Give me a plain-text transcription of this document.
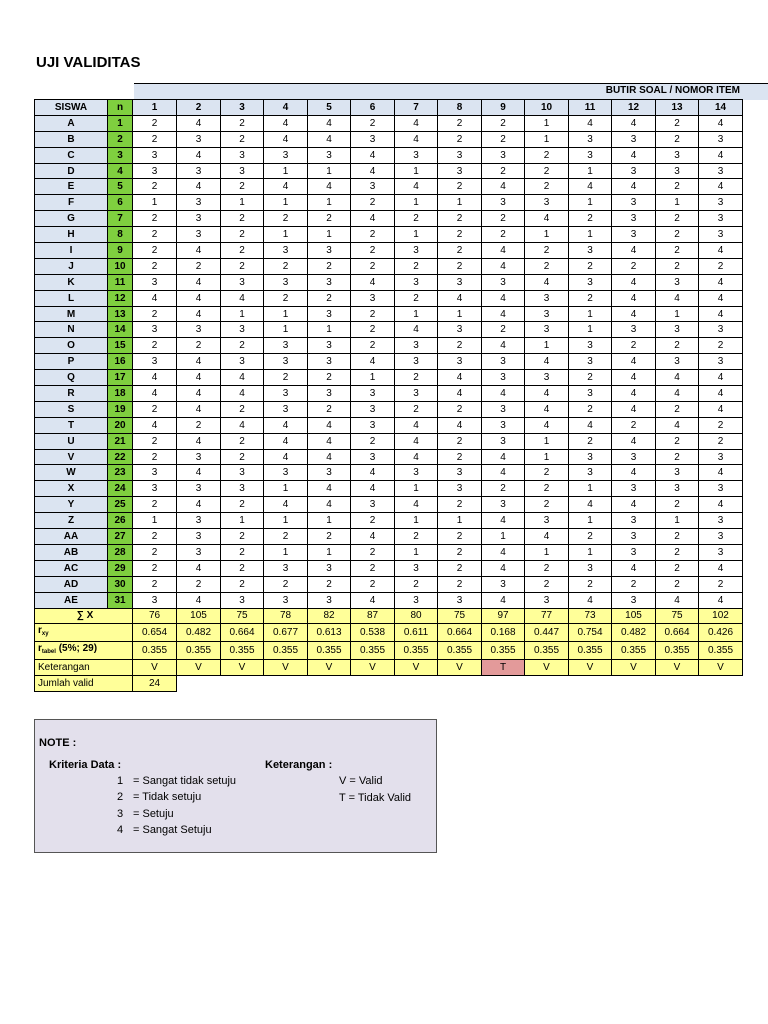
UJI VALIDITAS
BUTIR SOAL / NOMOR ITEM
SISWA	n	1	2	3	4	5	6	7	8	9	10	11	12	13	14
A	1	2	4	2	4	4	2	4	2	2	1	4	4	2	4
B	2	2	3	2	4	4	3	4	2	2	1	3	3	2	3
C	3	3	4	3	3	3	4	3	3	3	2	3	4	3	4
D	4	3	3	3	1	1	4	1	3	2	2	1	3	3	3
E	5	2	4	2	4	4	3	4	2	4	2	4	4	2	4
F	6	1	3	1	1	1	2	1	1	3	3	1	3	1	3
G	7	2	3	2	2	2	4	2	2	2	4	2	3	2	3
H	8	2	3	2	1	1	2	1	2	2	1	1	3	2	3
I	9	2	4	2	3	3	2	3	2	4	2	3	4	2	4
J	10	2	2	2	2	2	2	2	2	4	2	2	2	2	2
K	11	3	4	3	3	3	4	3	3	3	4	3	4	3	4
L	12	4	4	4	2	2	3	2	4	4	3	2	4	4	4
M	13	2	4	1	1	3	2	1	1	4	3	1	4	1	4
N	14	3	3	3	1	1	2	4	3	2	3	1	3	3	3
O	15	2	2	2	3	3	2	3	2	4	1	3	2	2	2
P	16	3	4	3	3	3	4	3	3	3	4	3	4	3	3
Q	17	4	4	4	2	2	1	2	4	3	3	2	4	4	4
R	18	4	4	4	3	3	3	3	4	4	4	3	4	4	4
S	19	2	4	2	3	2	3	2	2	3	4	2	4	2	4
T	20	4	2	4	4	4	3	4	4	3	4	4	2	4	2
U	21	2	4	2	4	4	2	4	2	3	1	2	4	2	2
V	22	2	3	2	4	4	3	4	2	4	1	3	3	2	3
W	23	3	4	3	3	3	4	3	3	4	2	3	4	3	4
X	24	3	3	3	1	4	4	1	3	2	2	1	3	3	3
Y	25	2	4	2	4	4	3	4	2	3	2	4	4	2	4
Z	26	1	3	1	1	1	2	1	1	4	3	1	3	1	3
AA	27	2	3	2	2	2	4	2	2	1	4	2	3	2	3
AB	28	2	3	2	1	1	2	1	2	4	1	1	3	2	3
AC	29	2	4	2	3	3	2	3	2	4	2	3	4	2	4
AD	30	2	2	2	2	2	2	2	2	3	2	2	2	2	2
AE	31	3	4	3	3	3	4	3	3	4	3	4	3	4	4
∑ X		76	105	75	78	82	87	80	75	97	77	73	105	75	102
$r_{xy}$		0.654	0.482	0.664	0.677	0.613	0.538	0.611	0.664	0.168	0.447	0.754	0.482	0.664	0.426
$r_{tabel}$ (5%; 29)		0.355	0.355	0.355	0.355	0.355	0.355	0.355	0.355	0.355	0.355	0.355	0.355	0.355	0.355
Keterangan		V	V	V	V	V	V	V	V	T	V	V	V	V	V
Jumlah valid		24													
NOTE :
Kriteria Data :	Keterangan :
1 = Sangat tidak setuju
2 = Tidak setuju
3 = Setuju
4 = Sangat Setuju
V = Valid
T = Tidak Valid
